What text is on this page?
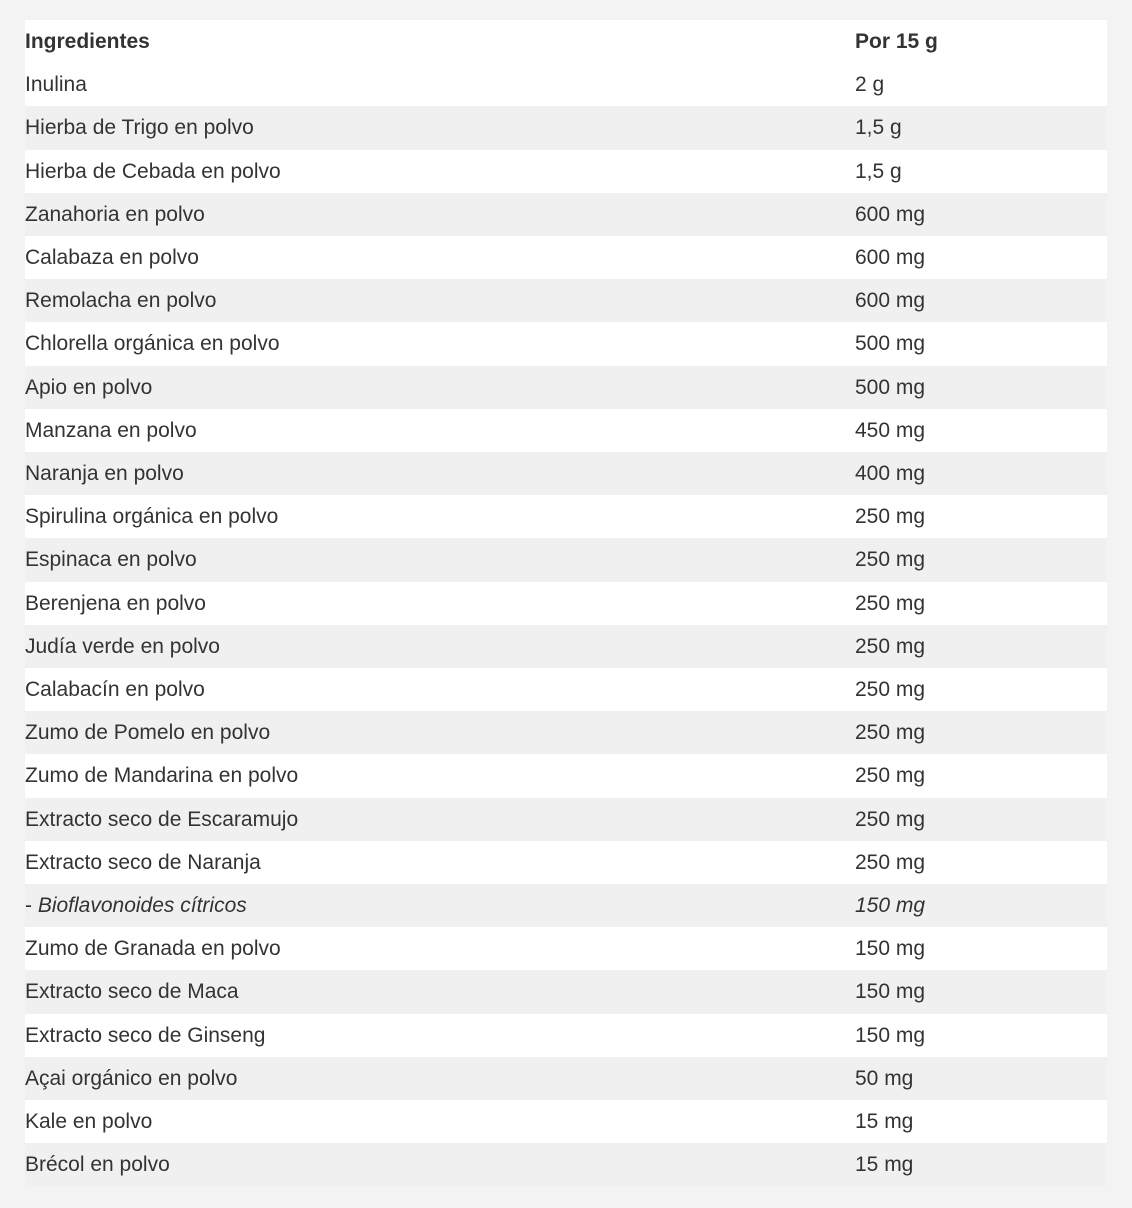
Ingredientes	Por 15 g
Inulina	2 g
Hierba de Trigo en polvo	1,5 g
Hierba de Cebada en polvo	1,5 g
Zanahoria en polvo	600 mg
Calabaza en polvo	600 mg
Remolacha en polvo	600 mg
Chlorella orgánica en polvo	500 mg
Apio en polvo	500 mg
Manzana en polvo	450 mg
Naranja en polvo	400 mg
Spirulina orgánica en polvo	250 mg
Espinaca en polvo	250 mg
Berenjena en polvo	250 mg
Judía verde en polvo	250 mg
Calabacín en polvo	250 mg
Zumo de Pomelo en polvo	250 mg
Zumo de Mandarina en polvo	250 mg
Extracto seco de Escaramujo	250 mg
Extracto seco de Naranja	250 mg
- Bioflavonoides cítricos	150 mg
Zumo de Granada en polvo	150 mg
Extracto seco de Maca	150 mg
Extracto seco de Ginseng	150 mg
Açai orgánico en polvo	50 mg
Kale en polvo	15 mg
Brécol en polvo	15 mg
